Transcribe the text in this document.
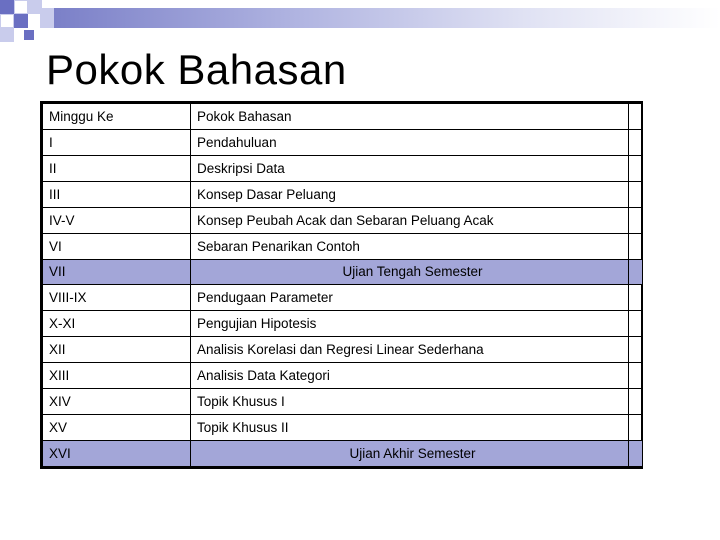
Pokok Bahasan
Minggu Ke	Pokok Bahasan	
I	Pendahuluan	
II	Deskripsi Data	
III	Konsep Dasar Peluang	
IV-V	Konsep Peubah Acak dan Sebaran Peluang Acak	
VI	Sebaran Penarikan Contoh	
VII	Ujian Tengah Semester	
VIII-IX	Pendugaan Parameter	
X-XI	Pengujian Hipotesis	
XII	Analisis Korelasi dan Regresi Linear Sederhana	
XIII	Analisis Data Kategori	
XIV	Topik Khusus I	
XV	Topik Khusus II	
XVI	Ujian Akhir Semester	
